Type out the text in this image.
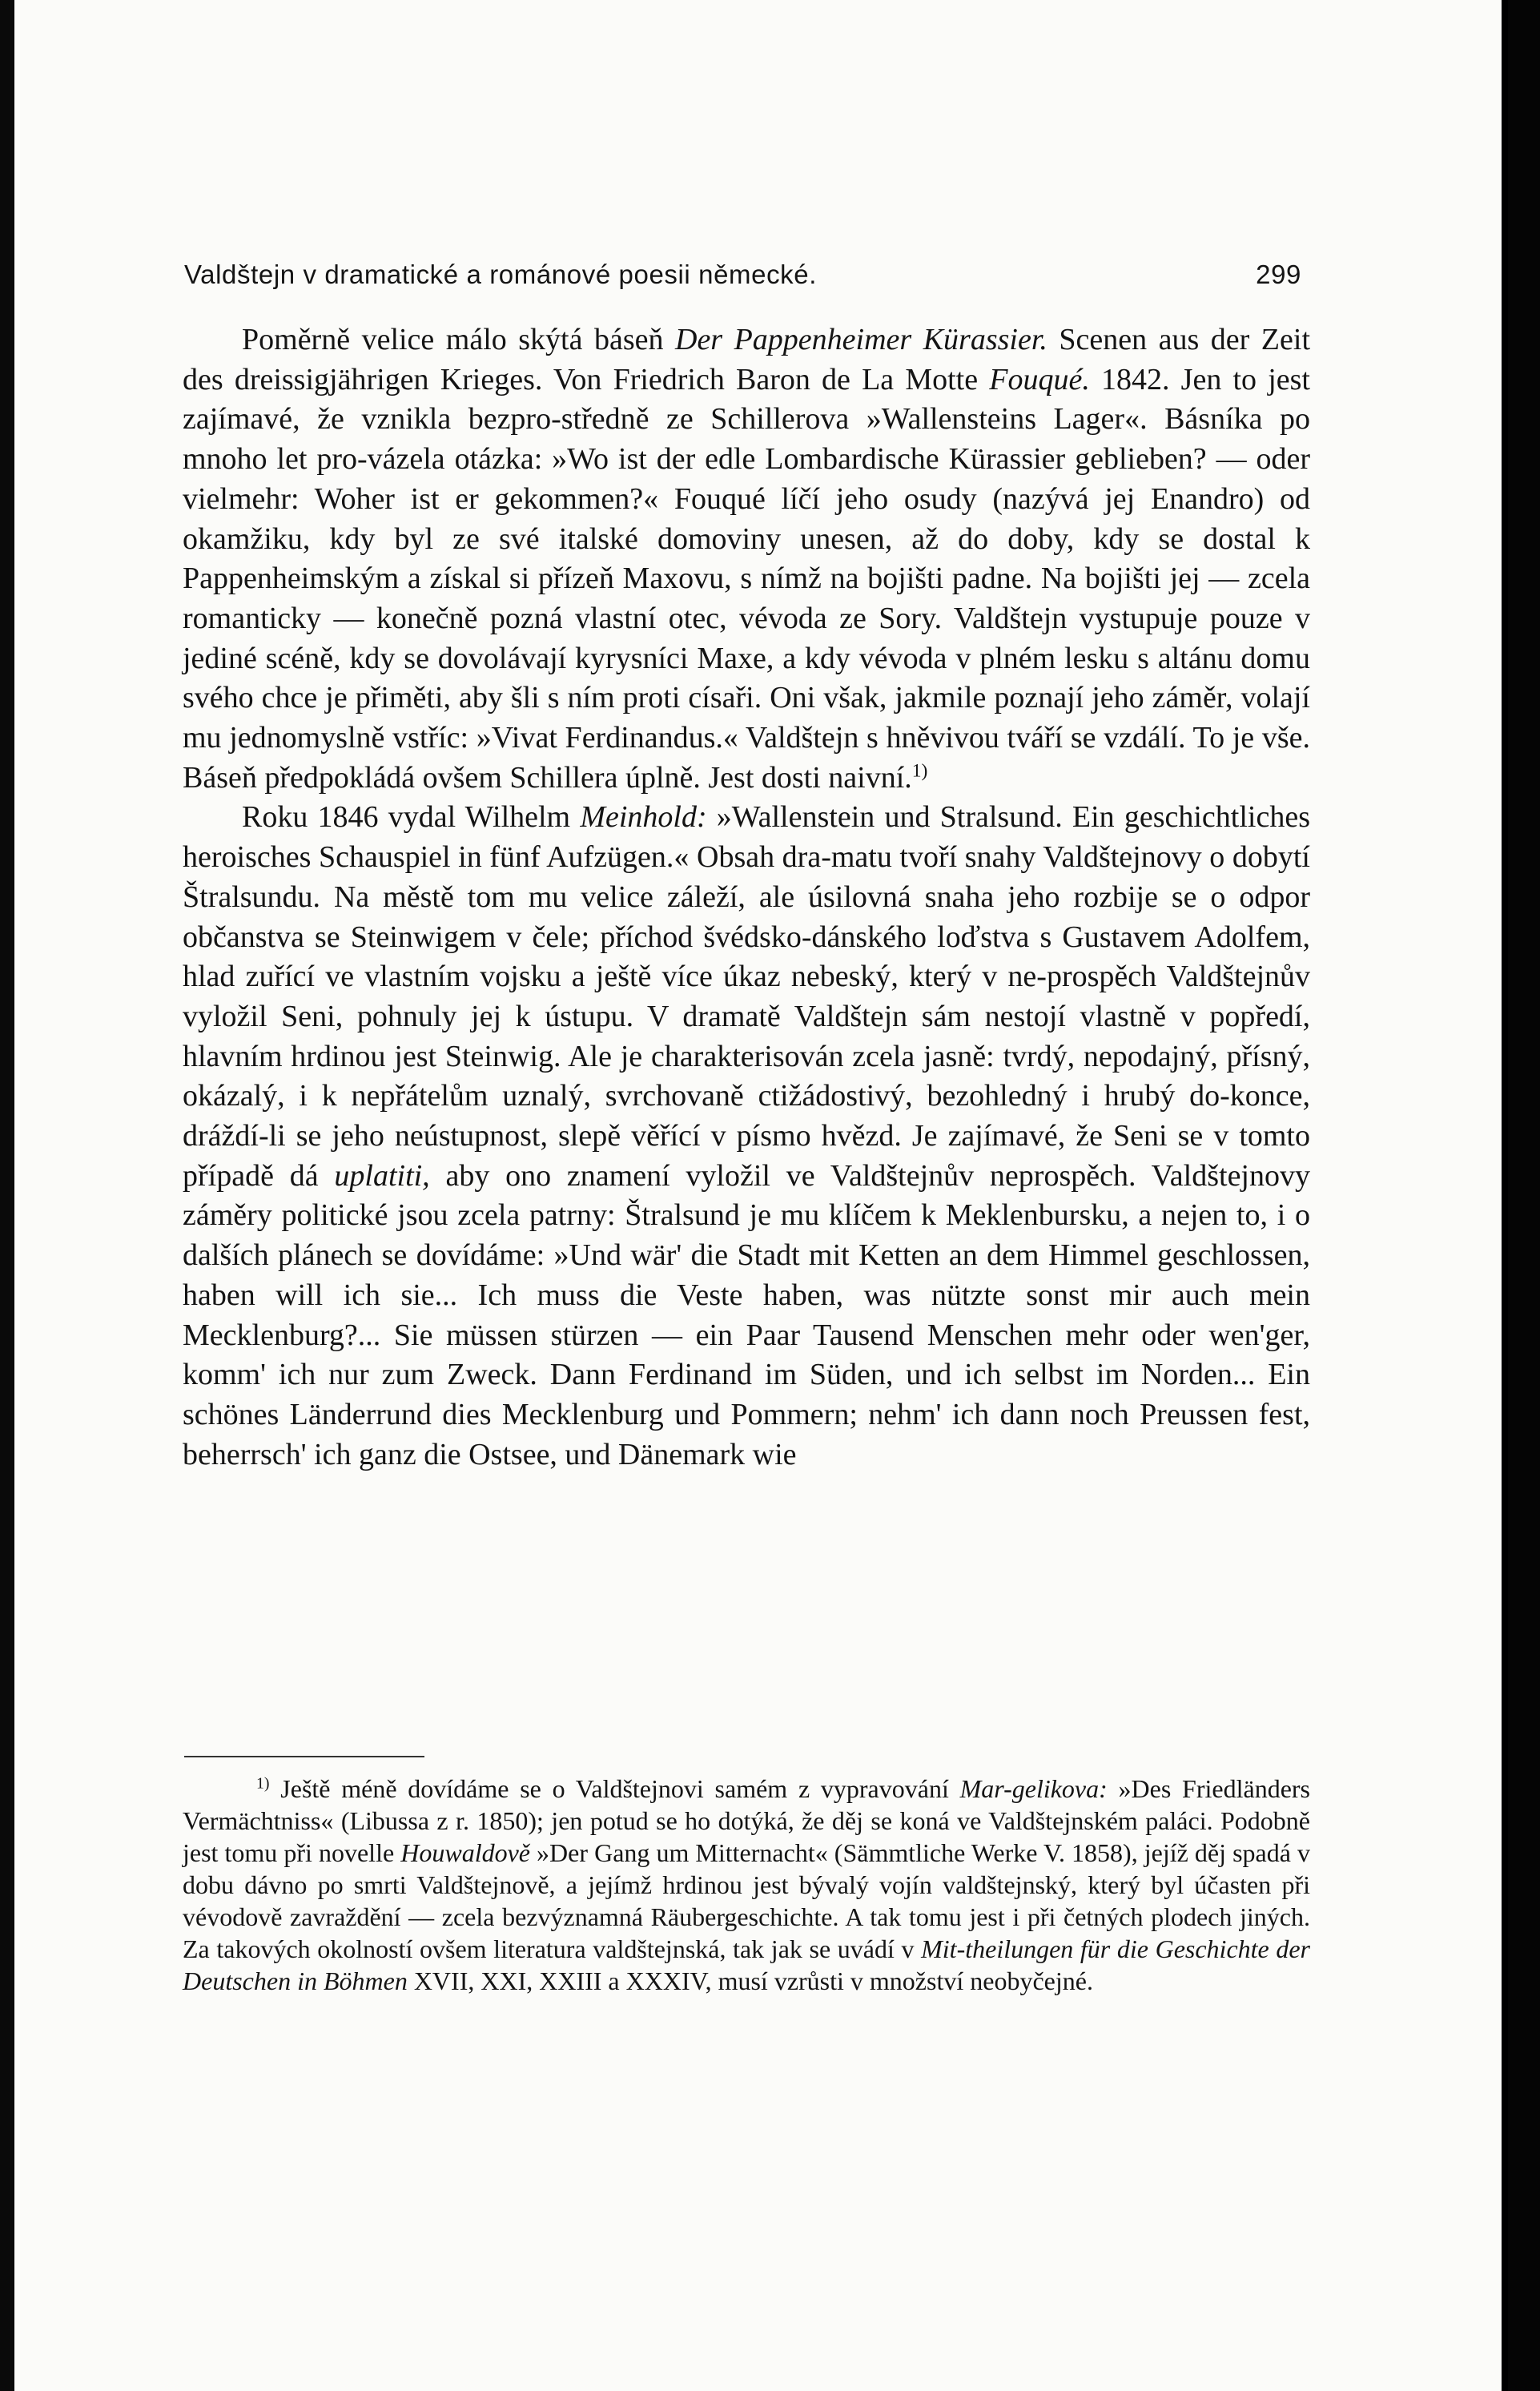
Valdštejn v dramatické a románové poesii německé.	299

Poměrně velice málo skýtá báseň Der Pappenheimer Kürassier. Scenen aus der Zeit des dreissigjährigen Krieges. Von Friedrich Baron de La Motte Fouqué. 1842. Jen to jest zajímavé, že vznikla bezpro-středně ze Schillerova »Wallensteins Lager«. Básníka po mnoho let pro-vázela otázka: »Wo ist der edle Lombardische Kürassier geblieben? — oder vielmehr: Woher ist er gekommen?« Fouqué líčí jeho osudy (nazývá jej Enandro) od okamžiku, kdy byl ze své italské domoviny unesen, až do doby, kdy se dostal k Pappenheimským a získal si přízeň Maxovu, s nímž na bojišti padne. Na bojišti jej — zcela romanticky — konečně pozná vlastní otec, vévoda ze Sory. Valdštejn vystupuje pouze v jediné scéně, kdy se dovolávají kyrysníci Maxe, a kdy vévoda v plném lesku s altánu domu svého chce je přiměti, aby šli s ním proti císaři. Oni však, jakmile poznají jeho záměr, volají mu jednomyslně vstříc: »Vivat Ferdinandus.« Valdštejn s hněvivou tváří se vzdálí. To je vše. Báseň předpokládá ovšem Schillera úplně. Jest dosti naivní.$^{1)}$

Roku 1846 vydal Wilhelm Meinhold: »Wallenstein und Stralsund. Ein geschichtliches heroisches Schauspiel in fünf Aufzügen.« Obsah dra-matu tvoří snahy Valdštejnovy o dobytí Štralsundu. Na městě tom mu velice záleží, ale úsilovná snaha jeho rozbije se o odpor občanstva se Steinwigem v čele; příchod švédsko-dánského loďstva s Gustavem Adolfem, hlad zuřící ve vlastním vojsku a ještě více úkaz nebeský, který v ne-prospěch Valdštejnův vyložil Seni, pohnuly jej k ústupu. V dramatě Valdštejn sám nestojí vlastně v popředí, hlavním hrdinou jest Steinwig. Ale je charakterisován zcela jasně: tvrdý, nepodajný, přísný, okázalý, i k nepřátelům uznalý, svrchovaně ctižádostivý, bezohledný i hrubý do-konce, dráždí-li se jeho neústupnost, slepě věřící v písmo hvězd. Je zajímavé, že Seni se v tomto případě dá uplatiti, aby ono znamení vyložil ve Valdštejnův neprospěch. Valdštejnovy záměry politické jsou zcela patrny: Štralsund je mu klíčem k Meklenbursku, a nejen to, i o dalších plánech se dovídáme: »Und wär' die Stadt mit Ketten an dem Himmel geschlossen, haben will ich sie... Ich muss die Veste haben, was nützte sonst mir auch mein Mecklenburg?... Sie müssen stürzen — ein Paar Tausend Menschen mehr oder wen'ger, komm' ich nur zum Zweck. Dann Ferdinand im Süden, und ich selbst im Norden... Ein schönes Länderrund dies Mecklenburg und Pommern; nehm' ich dann noch Preussen fest, beherrsch' ich ganz die Ostsee, und Dänemark wie

$^{1)}$ Ještě méně dovídáme se o Valdštejnovi samém z vypravování Mar-gelikova: »Des Friedländers Vermächtniss« (Libussa z r. 1850); jen potud se ho dotýká, že děj se koná ve Valdštejnském paláci. Podobně jest tomu při novelle Houwaldově »Der Gang um Mitternacht« (Sämmtliche Werke V. 1858), jejíž děj spadá v dobu dávno po smrti Valdštejnově, a jejímž hrdinou jest bývalý vojín valdštejnský, který byl účasten při vévodově zavraždění — zcela bezvýznamná Räubergeschichte. A tak tomu jest i při četných plodech jiných. Za takových okolností ovšem literatura valdštejnská, tak jak se uvádí v Mit-theilungen für die Geschichte der Deutschen in Böhmen XVII, XXI, XXIII a XXXIV, musí vzrůsti v množství neobyčejné.
